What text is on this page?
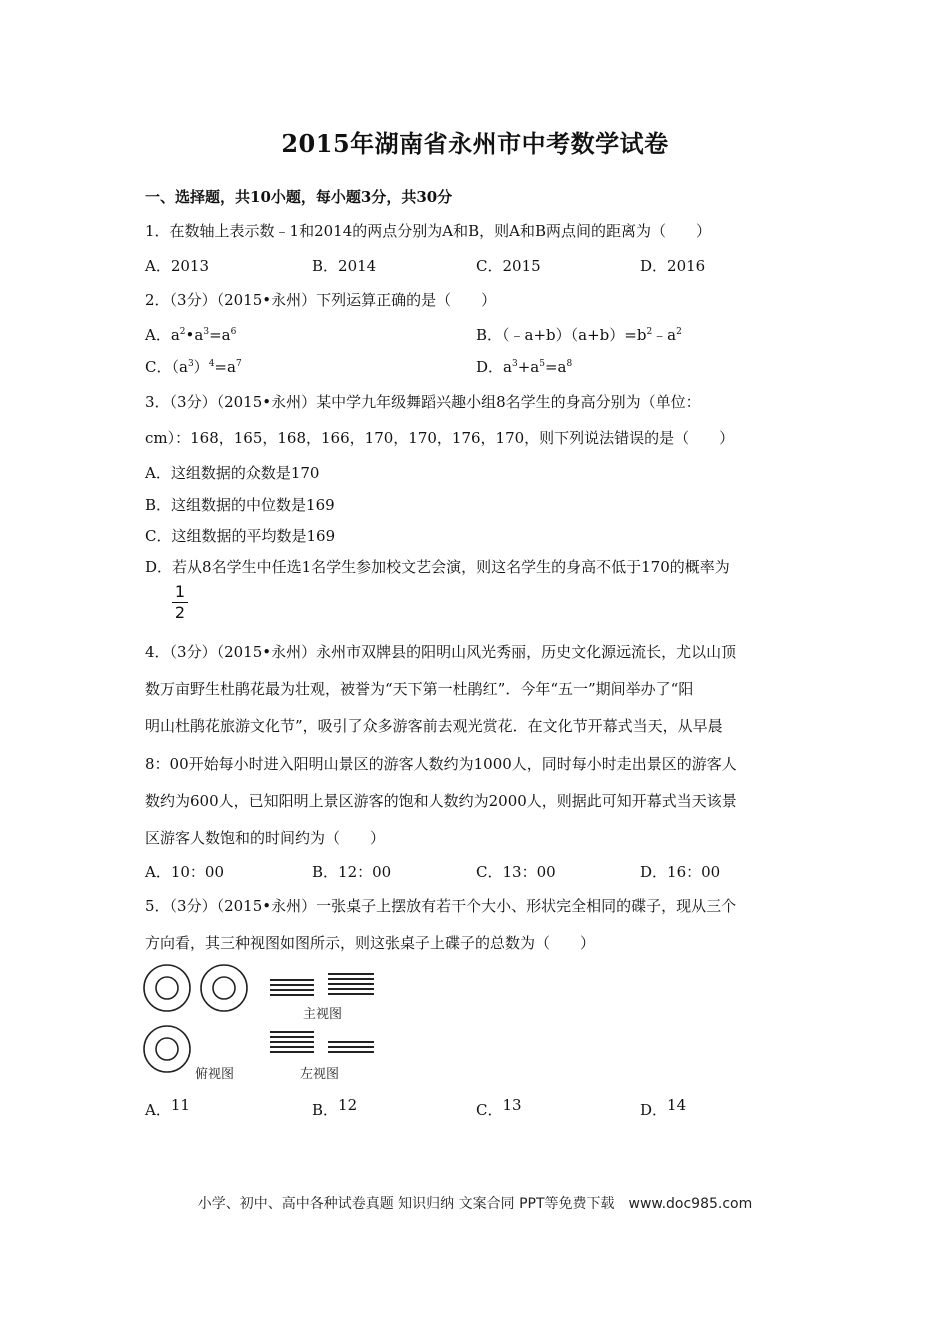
2015年湖南省永州市中考数学试卷
一、选择题，共10小题，每小题3分，共30分
1．在数轴上表示数﹣1和2014的两点分别为A和B，则A和B两点间的距离为（　　）
A．2013	B．2014	C．2015	D．2016
2．（3分）（2015•永州）下列运算正确的是（　　）
A．$a^2•a^3=a^6$	B．$(﹣a+b)(a+b)=b^2﹣a^2$
C．$(a^3)^4=a^7$	D．$a^3+a^5=a^8$
3．（3分）（2015•永州）某中学九年级舞蹈兴趣小组8名学生的身高分别为（单位：
cm）：168，165，168，166，170，170，176，170，则下列说法错误的是（　　）
A．这组数据的众数是170
B．这组数据的中位数是169
C．这组数据的平均数是169
D．若从8名学生中任选1名学生参加校文艺会演，则这名学生的身高不低于170的概率为
1
2
4．（3分）（2015•永州）永州市双牌县的阳明山风光秀丽，历史文化源远流长，尤以山顶
数万亩野生杜鹃花最为壮观，被誉为“天下第一杜鹃红”．今年“五一”期间举办了“阳
明山杜鹃花旅游文化节”，吸引了众多游客前去观光赏花．在文化节开幕式当天，从早晨
8：00开始每小时进入阳明山景区的游客人数约为1000人，同时每小时走出景区的游客人
数约为600人，已知阳明上景区游客的饱和人数约为2000人，则据此可知开幕式当天该景
区游客人数饱和的时间约为（　　）
A．10：00	B．12：00	C．13：00	D．16：00
5．（3分）（2015•永州）一张桌子上摆放有若干个大小、形状完全相同的碟子，现从三个
方向看，其三种视图如图所示，则这张桌子上碟子的总数为（　　）
主视图
俯视图	左视图
A．11	B．12	C．13	D．14
小学、初中、高中各种试卷真题 知识归纳 文案合同 PPT等免费下载　www.doc985.com
